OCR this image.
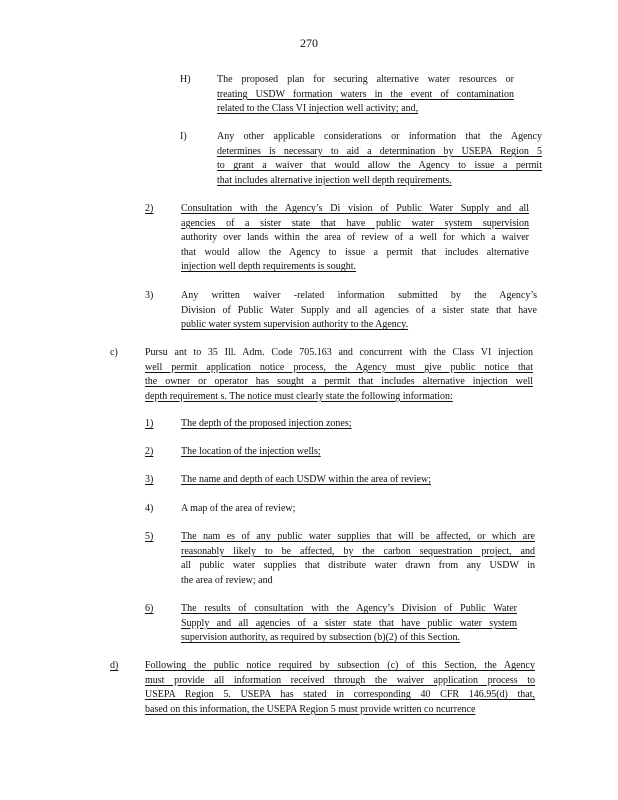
270
H)	The proposed plan for securing alternative water resources or
treating USDW formation waters in the event of contamination
related to the Class VI injection well activity; and,
I)	Any other applicable considerations or information that the Agency
determines is necessary to aid a determination by USEPA Region 5
to grant a waiver that would allow the Agency to issue a permit
that includes alternative injection well depth requirements.
2)	Consultation with the Agency’s Di vision of Public Water Supply and all
agencies of a sister state that have public water system supervision
authority over lands within the area of review of a well for which a waiver
that would allow the Agency to issue a permit that includes alternative
injection well depth requirements is sought.
3)	Any written waiver -related information submitted by the Agency’s
Division of Public Water Supply and all agencies of a sister state that have
public water system supervision authority to the Agency.
c)	Pursu ant to 35 Ill. Adm. Code 705.163 and concurrent with the Class VI injection
well permit application notice process, the Agency must give public notice that
the owner or operator has sought a permit that includes alternative injection well
depth requirement s. The notice must clearly state the following information:
1)	The depth of the proposed injection zones;
2)	The location of the injection wells;
3)	The name and depth of each USDW within the area of review;
4)	A map of the area of review;
5)	The nam es of any public water supplies that will be affected, or which are
reasonably likely to be affected, by the carbon sequestration project, and
all public water supplies that distribute water drawn from any USDW in
the area of review; and
6)	The results of consultation with the Agency’s Division of Public Water
Supply and all agencies of a sister state that have public water system
supervision authority, as required by subsection (b)(2) of this Section.
d)	Following the public notice required by subsection (c) of this Section, the Agency
must provide all information received through the waiver application process to
USEPA Region 5. USEPA has stated in corresponding 40 CFR 146.95(d) that,
based on this information, the USEPA Region 5 must provide written co ncurrence
